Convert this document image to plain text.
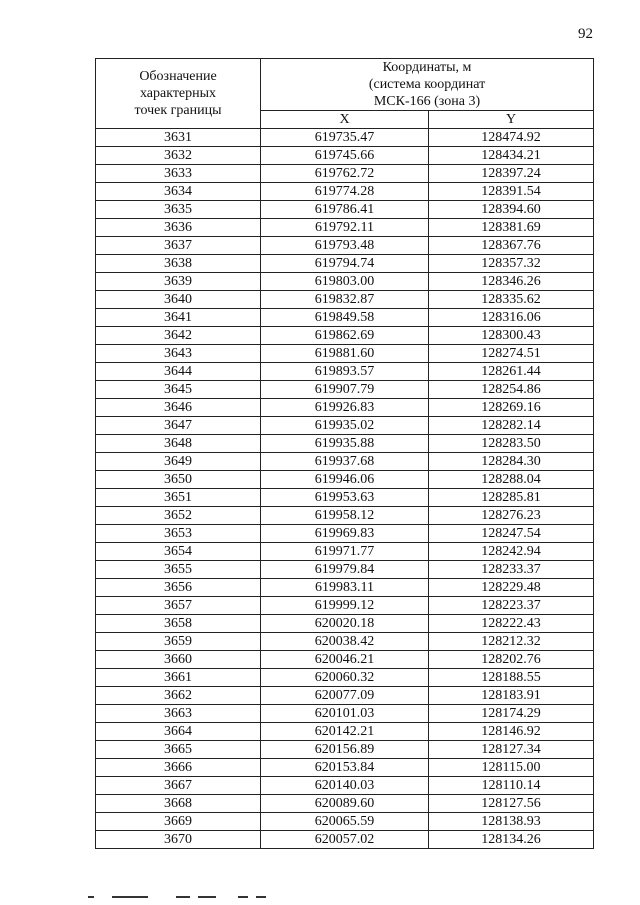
92
Обозначение
характерных
точек границы	Координаты, м
(система координат
МСК-166 (зона 3)	

	X	Y
3631	619735.47	128474.92
3632	619745.66	128434.21
3633	619762.72	128397.24
3634	619774.28	128391.54
3635	619786.41	128394.60
3636	619792.11	128381.69
3637	619793.48	128367.76
3638	619794.74	128357.32
3639	619803.00	128346.26
3640	619832.87	128335.62
3641	619849.58	128316.06
3642	619862.69	128300.43
3643	619881.60	128274.51
3644	619893.57	128261.44
3645	619907.79	128254.86
3646	619926.83	128269.16
3647	619935.02	128282.14
3648	619935.88	128283.50
3649	619937.68	128284.30
3650	619946.06	128288.04
3651	619953.63	128285.81
3652	619958.12	128276.23
3653	619969.83	128247.54
3654	619971.77	128242.94
3655	619979.84	128233.37
3656	619983.11	128229.48
3657	619999.12	128223.37
3658	620020.18	128222.43
3659	620038.42	128212.32
3660	620046.21	128202.76
3661	620060.32	128188.55
3662	620077.09	128183.91
3663	620101.03	128174.29
3664	620142.21	128146.92
3665	620156.89	128127.34
3666	620153.84	128115.00
3667	620140.03	128110.14
3668	620089.60	128127.56
3669	620065.59	128138.93
3670	620057.02	128134.26
